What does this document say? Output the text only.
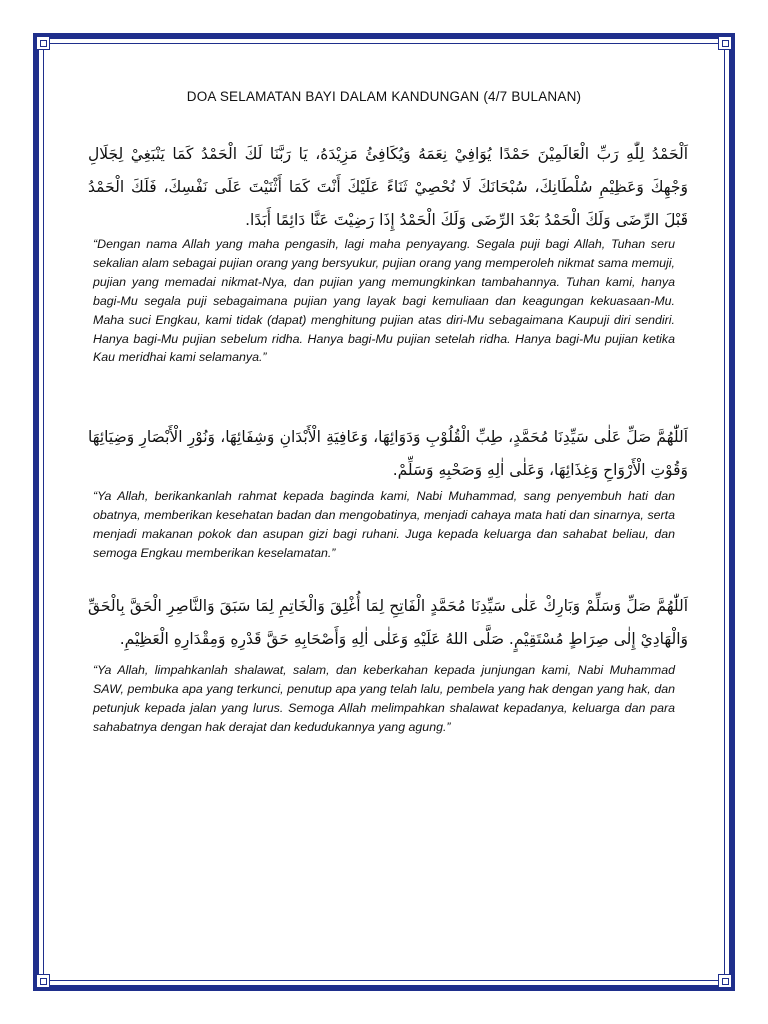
DOA SELAMATAN BAYI DALAM KANDUNGAN (4/7 BULANAN)
اَلْحَمْدُ لِلّٰهِ رَبِّ الْعَالَمِيْنَ حَمْدًا يُوَافِيْ نِعَمَهُ وَيُكَافِئُ مَزِيْدَهُ، يَا رَبَّنَا لَكَ الْحَمْدُ كَمَا يَنْبَغِيْ لِجَلَالِ وَجْهِكَ وَعَظِيْمِ سُلْطَانِكَ، سُبْحَانَكَ لَا نُحْصِيْ ثَنَاءً عَلَيْكَ أَنْتَ كَمَا أَثْنَيْتَ عَلَى نَفْسِكَ، فَلَكَ الْحَمْدُ قَبْلَ الرِّضَى وَلَكَ الْحَمْدُ بَعْدَ الرِّضَى وَلَكَ الْحَمْدُ إِذَا رَضِيْتَ عَنَّا دَائِمًا أَبَدًا.
“Dengan nama Allah yang maha pengasih, lagi maha penyayang. Segala puji bagi Allah, Tuhan seru sekalian alam sebagai pujian orang yang bersyukur, pujian orang yang memperoleh nikmat sama memuji, pujian yang memadai nikmat-Nya, dan pujian yang memungkinkan tambahannya. Tuhan kami, hanya bagi-Mu segala puji sebagaimana pujian yang layak bagi kemuliaan dan keagungan kekuasaan-Mu. Maha suci Engkau, kami tidak (dapat) menghitung pujian atas diri-Mu sebagaimana Kaupuji diri sendiri. Hanya bagi-Mu pujian sebelum ridha. Hanya bagi-Mu pujian setelah ridha. Hanya bagi-Mu pujian ketika Kau meridhai kami selamanya.”
اَللّٰهُمَّ صَلِّ عَلٰى سَيِّدِنَا مُحَمَّدٍ، طِبِّ الْقُلُوْبِ وَدَوَائِهَا، وَعَافِيَةِ الْأَبْدَانِ وَشِفَائِهَا، وَنُوْرِ الْأَبْصَارِ وَضِيَائِهَا وَقُوْتِ الْأَرْوَاحِ وَغِذَائِهَا، وَعَلٰى اٰلِهِ وَصَحْبِهِ وَسَلِّمْ.
“Ya Allah, berikankanlah rahmat kepada baginda kami, Nabi Muhammad, sang penyembuh hati dan obatnya, memberikan kesehatan badan dan mengobatinya, menjadi cahaya mata hati dan sinarnya, serta menjadi makanan pokok dan asupan gizi bagi ruhani. Juga kepada keluarga dan sahabat beliau, dan semoga Engkau memberikan keselamatan.”
اَللّٰهُمَّ صَلِّ وَسَلِّمْ وَبَارِكْ عَلٰى سَيِّدِنَا مُحَمَّدٍ الْفَاتِحِ لِمَا أُغْلِقَ وَالْخَاتِمِ لِمَا سَبَقَ وَالنَّاصِرِ الْحَقَّ بِالْحَقِّ وَالْهَادِيْ إِلٰى صِرَاطٍ مُسْتَقِيْمٍ. صَلَّى اللهُ عَلَيْهِ وَعَلٰى اٰلِهِ وَأَصْحَابِهِ حَقَّ قَدْرِهِ وَمِقْدَارِهِ الْعَظِيْمِ.
“Ya Allah, limpahkanlah shalawat, salam, dan keberkahan kepada junjungan kami, Nabi Muhammad SAW, pembuka apa yang terkunci, penutup apa yang telah lalu, pembela yang hak dengan yang hak, dan petunjuk kepada jalan yang lurus. Semoga Allah melimpahkan shalawat kepadanya, keluarga dan para sahabatnya dengan hak derajat dan kedudukannya yang agung.”
